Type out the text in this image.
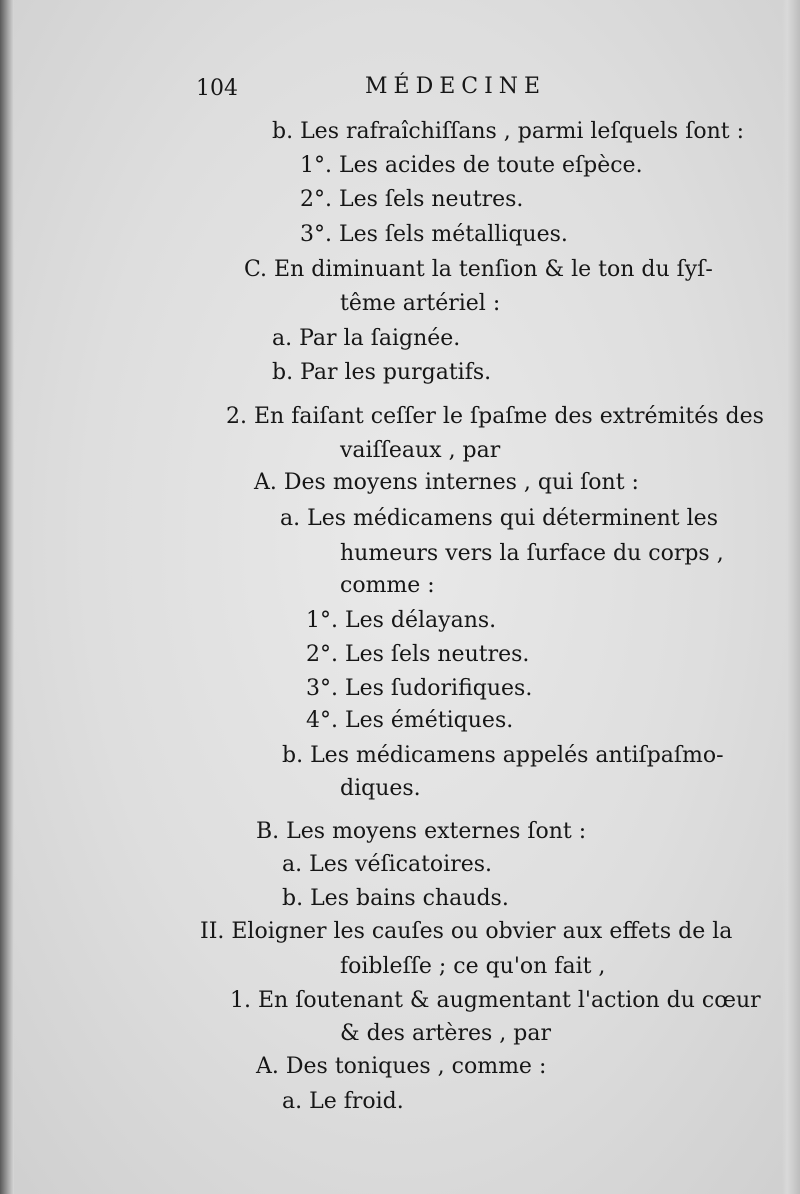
104	MÉDECINE
b. Les rafraîchiſſans , parmi leſquels ſont :
1°. Les acides de toute eſpèce.
2°. Les ſels neutres.
3°. Les ſels métalliques.
C. En diminuant la tenſion & le ton du ſyſ-
tême artériel :
a. Par la ſaignée.
b. Par les purgatifs.
2. En faiſant ceſſer le ſpaſme des extrémités des
vaiſſeaux , par
A. Des moyens internes , qui ſont :
a. Les médicamens qui déterminent les
humeurs vers la ſurface du corps ,
comme :
1°. Les délayans.
2°. Les ſels neutres.
3°. Les ſudorifiques.
4°. Les émétiques.
b. Les médicamens appelés antiſpaſmo-
diques.
B. Les moyens externes ſont :
a. Les véſicatoires.
b. Les bains chauds.
II. Eloigner les cauſes ou obvier aux effets de la
foibleſſe ; ce qu'on fait ,
1. En ſoutenant & augmentant l'action du cœur
& des artères , par
A. Des toniques , comme :
a. Le froid.
